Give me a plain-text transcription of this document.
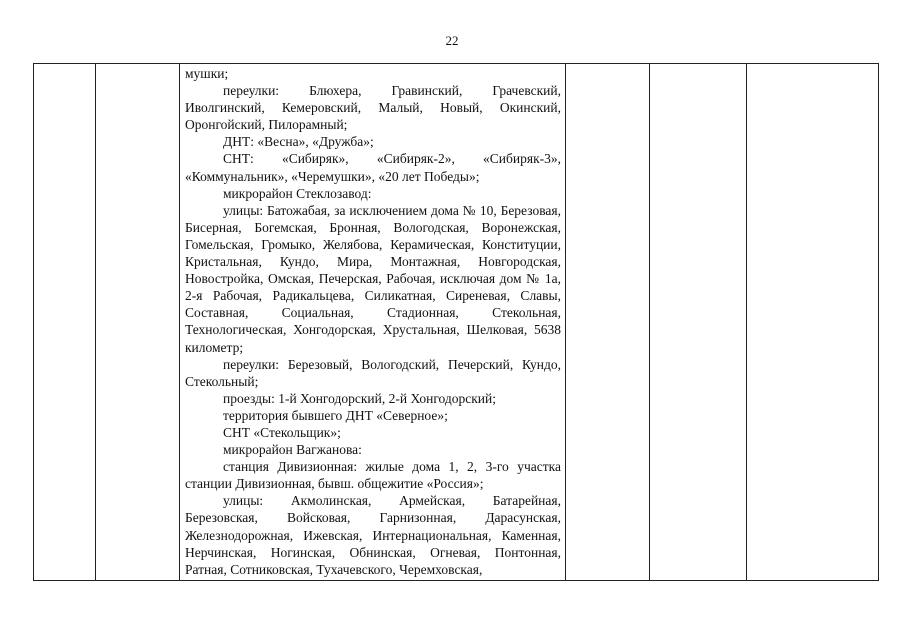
22

мушки;

переулки: Блюхера, Гравинский, Грачевский, Иволгинский, Кемеровский, Малый, Новый, Окинский, Оронгойский, Пилорамный;

ДНТ: «Весна», «Дружба»;

СНТ: «Сибиряк», «Сибиряк-2», «Сибиряк-3», «Коммунальник», «Черемушки», «20 лет Победы»;

микрорайон Стеклозавод:

улицы: Батожабая, за исключением дома № 10, Березовая, Бисерная, Богемская, Бронная, Вологодская, Воронежская, Гомельская, Громыко, Желябова, Керамическая, Конституции, Кристальная, Кундо, Мира, Монтажная, Новгородская, Новостройка, Омская, Печерская, Рабочая, исключая дом № 1а, 2-я Рабочая, Радикальцева, Силикатная, Сиреневая, Славы, Составная, Социальная, Стадионная, Стекольная, Технологическая, Хонгодорская, Хрустальная, Шелковая, 5638 километр;

переулки: Березовый, Вологодский, Печерский, Кундо, Стекольный;

проезды: 1-й Хонгодорский, 2-й Хонгодорский;

территория бывшего ДНТ «Северное»;

СНТ «Стекольщик»;

микрорайон Вагжанова:

станция Дивизионная: жилые дома 1, 2, 3-го участка станции Дивизионная, бывш. общежитие «Россия»;

улицы: Акмолинская, Армейская, Батарейная, Березовская, Войсковая, Гарнизонная, Дарасунская, Железнодорожная, Ижевская, Интернациональная, Каменная, Нерчинская, Ногинская, Обнинская, Огневая, Понтонная, Ратная, Сотниковская, Тухачевского, Черемховская,
